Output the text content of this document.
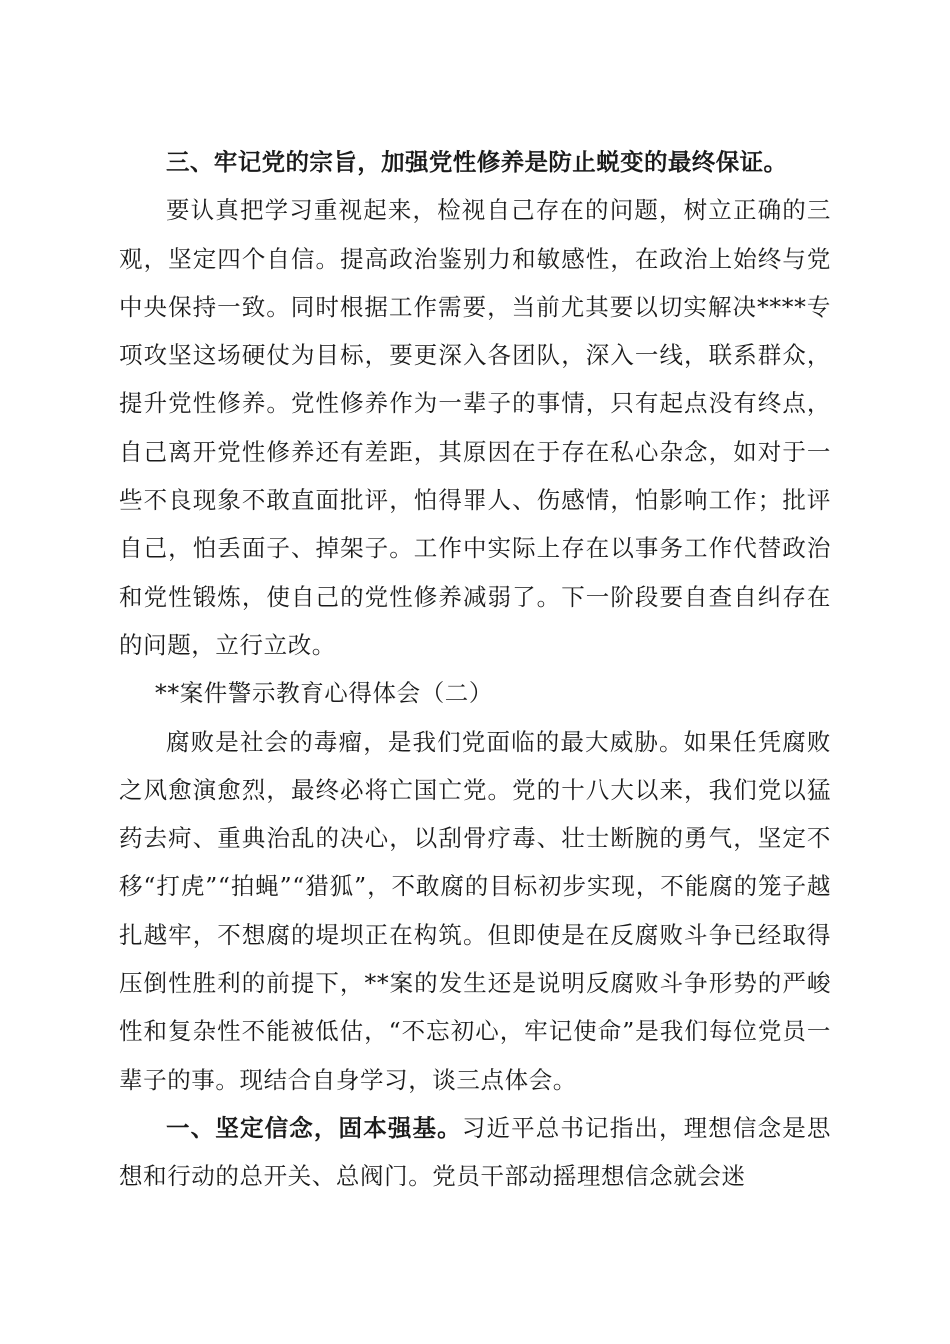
三、牢记党的宗旨，加强党性修养是防止蜕变的最终保证。

要认真把学习重视起来，检视自己存在的问题，树立正确的三观，坚定四个自信。提高政治鉴别力和敏感性，在政治上始终与党中央保持一致。同时根据工作需要，当前尤其要以切实解决****专项攻坚这场硬仗为目标，要更深入各团队，深入一线，联系群众，提升党性修养。党性修养作为一辈子的事情，只有起点没有终点，自己离开党性修养还有差距，其原因在于存在私心杂念，如对于一些不良现象不敢直面批评，怕得罪人、伤感情，怕影响工作；批评自己，怕丢面子、掉架子。工作中实际上存在以事务工作代替政治和党性锻炼，使自己的党性修养减弱了。下一阶段要自查自纠存在的问题，立行立改。

**案件警示教育心得体会（二）

腐败是社会的毒瘤，是我们党面临的最大威胁。如果任凭腐败之风愈演愈烈，最终必将亡国亡党。党的十八大以来，我们党以猛药去疴、重典治乱的决心，以刮骨疗毒、壮士断腕的勇气，坚定不移“打虎”“拍蝇”“猎狐”，不敢腐的目标初步实现，不能腐的笼子越扎越牢，不想腐的堤坝正在构筑。但即使是在反腐败斗争已经取得压倒性胜利的前提下，**案的发生还是说明反腐败斗争形势的严峻性和复杂性不能被低估，“不忘初心，牢记使命”是我们每位党员一辈子的事。现结合自身学习，谈三点体会。

一、坚定信念，固本强基。习近平总书记指出，理想信念是思想和行动的总开关、总阀门。党员干部动摇理想信念就会迷
